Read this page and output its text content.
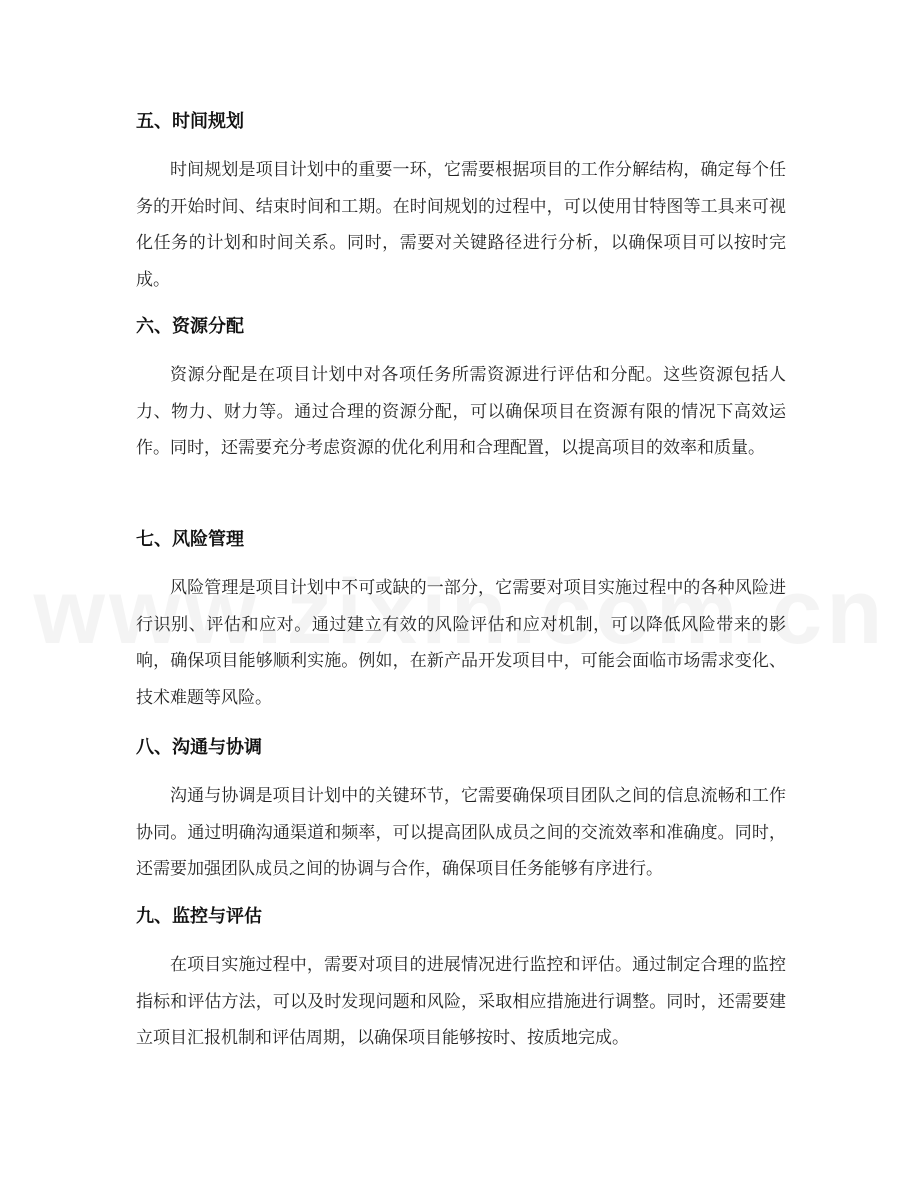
五、时间规划

时间规划是项目计划中的重要一环，它需要根据项目的工作分解结构，确定每个任务的开始时间、结束时间和工期。在时间规划的过程中，可以使用甘特图等工具来可视化任务的计划和时间关系。同时，需要对关键路径进行分析，以确保项目可以按时完成。

六、资源分配

资源分配是在项目计划中对各项任务所需资源进行评估和分配。这些资源包括人力、物力、财力等。通过合理的资源分配，可以确保项目在资源有限的情况下高效运作。同时，还需要充分考虑资源的优化利用和合理配置，以提高项目的效率和质量。

七、风险管理

风险管理是项目计划中不可或缺的一部分，它需要对项目实施过程中的各种风险进行识别、评估和应对。通过建立有效的风险评估和应对机制，可以降低风险带来的影响，确保项目能够顺利实施。例如，在新产品开发项目中，可能会面临市场需求变化、技术难题等风险。

八、沟通与协调

沟通与协调是项目计划中的关键环节，它需要确保项目团队之间的信息流畅和工作协同。通过明确沟通渠道和频率，可以提高团队成员之间的交流效率和准确度。同时，还需要加强团队成员之间的协调与合作，确保项目任务能够有序进行。

九、监控与评估

在项目实施过程中，需要对项目的进展情况进行监控和评估。通过制定合理的监控指标和评估方法，可以及时发现问题和风险，采取相应措施进行调整。同时，还需要建立项目汇报机制和评估周期，以确保项目能够按时、按质地完成。
